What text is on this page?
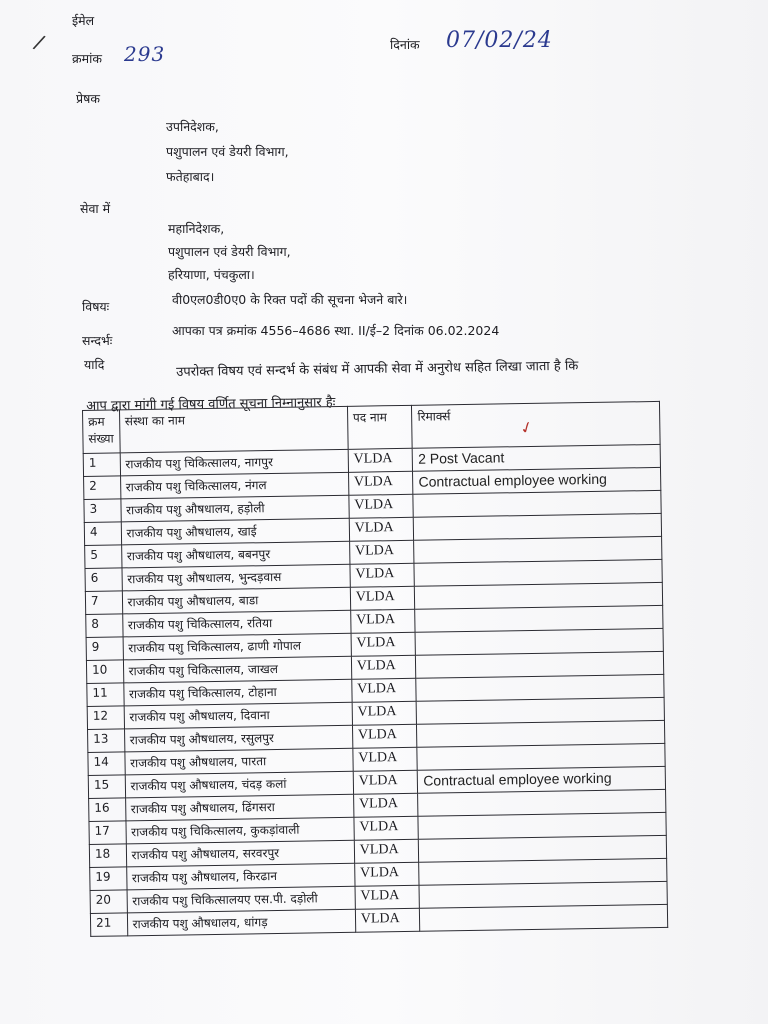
ईमेल
/
क्रमांक 293	दिनांक 07/02/24
प्रेषक
उपनिदेशक,
पशुपालन एवं डेयरी विभाग,
फतेहाबाद।
सेवा में
महानिदेशक,
पशुपालन एवं डेयरी विभाग,
हरियाणा, पंचकुला।
विषयः	वी0एल0डी0ए0 के रिक्त पदों की सूचना भेजने बारे।
सन्दर्भः
आपका पत्र क्रमांक 4556–4686 स्था. II/ई–2 दिनांक 06.02.2024
यादि	उपरोक्त विषय एवं सन्दर्भ के संबंध में आपकी सेवा में अनुरोध सहित लिखा जाता है कि
आप द्वारा मांगी गई विषय वर्णित सूचना निम्नानुसार हैः
क्रम संख्या	संस्था का नाम	पद नाम	रिमार्क्स
1	राजकीय पशु चिकित्सालय, नागपुर	VLDA	2 Post Vacant
2	राजकीय पशु चिकित्सालय, नंगल	VLDA	Contractual employee working
3	राजकीय पशु औषधालय, हड़ोली	VLDA	
4	राजकीय पशु औषधालय, खाई	VLDA	
5	राजकीय पशु औषधालय, बबनपुर	VLDA	
6	राजकीय पशु औषधालय, भुन्दड़वास	VLDA	
7	राजकीय पशु औषधालय, बाडा	VLDA	
8	राजकीय पशु चिकित्सालय, रतिया	VLDA	
9	राजकीय पशु चिकित्सालय, ढाणी गोपाल	VLDA	
10	राजकीय पशु चिकित्सालय, जाखल	VLDA	
11	राजकीय पशु चिकित्सालय, टोहाना	VLDA	
12	राजकीय पशु औषधालय, दिवाना	VLDA	
13	राजकीय पशु औषधालय, रसुलपुर	VLDA	
14	राजकीय पशु औषधालय, पारता	VLDA	
15	राजकीय पशु औषधालय, चंदड़ कलां	VLDA	Contractual employee working
16	राजकीय पशु औषधालय, ढिंगसरा	VLDA	
17	राजकीय पशु चिकित्सालय, कुकड़ांवाली	VLDA	
18	राजकीय पशु औषधालय, सरवरपुर	VLDA	
19	राजकीय पशु औषधालय, किरढान	VLDA	
20	राजकीय पशु चिकित्सालयए एस.पी. दड़ोली	VLDA	
21	राजकीय पशु औषधालय, धांगड़	VLDA	
✓
